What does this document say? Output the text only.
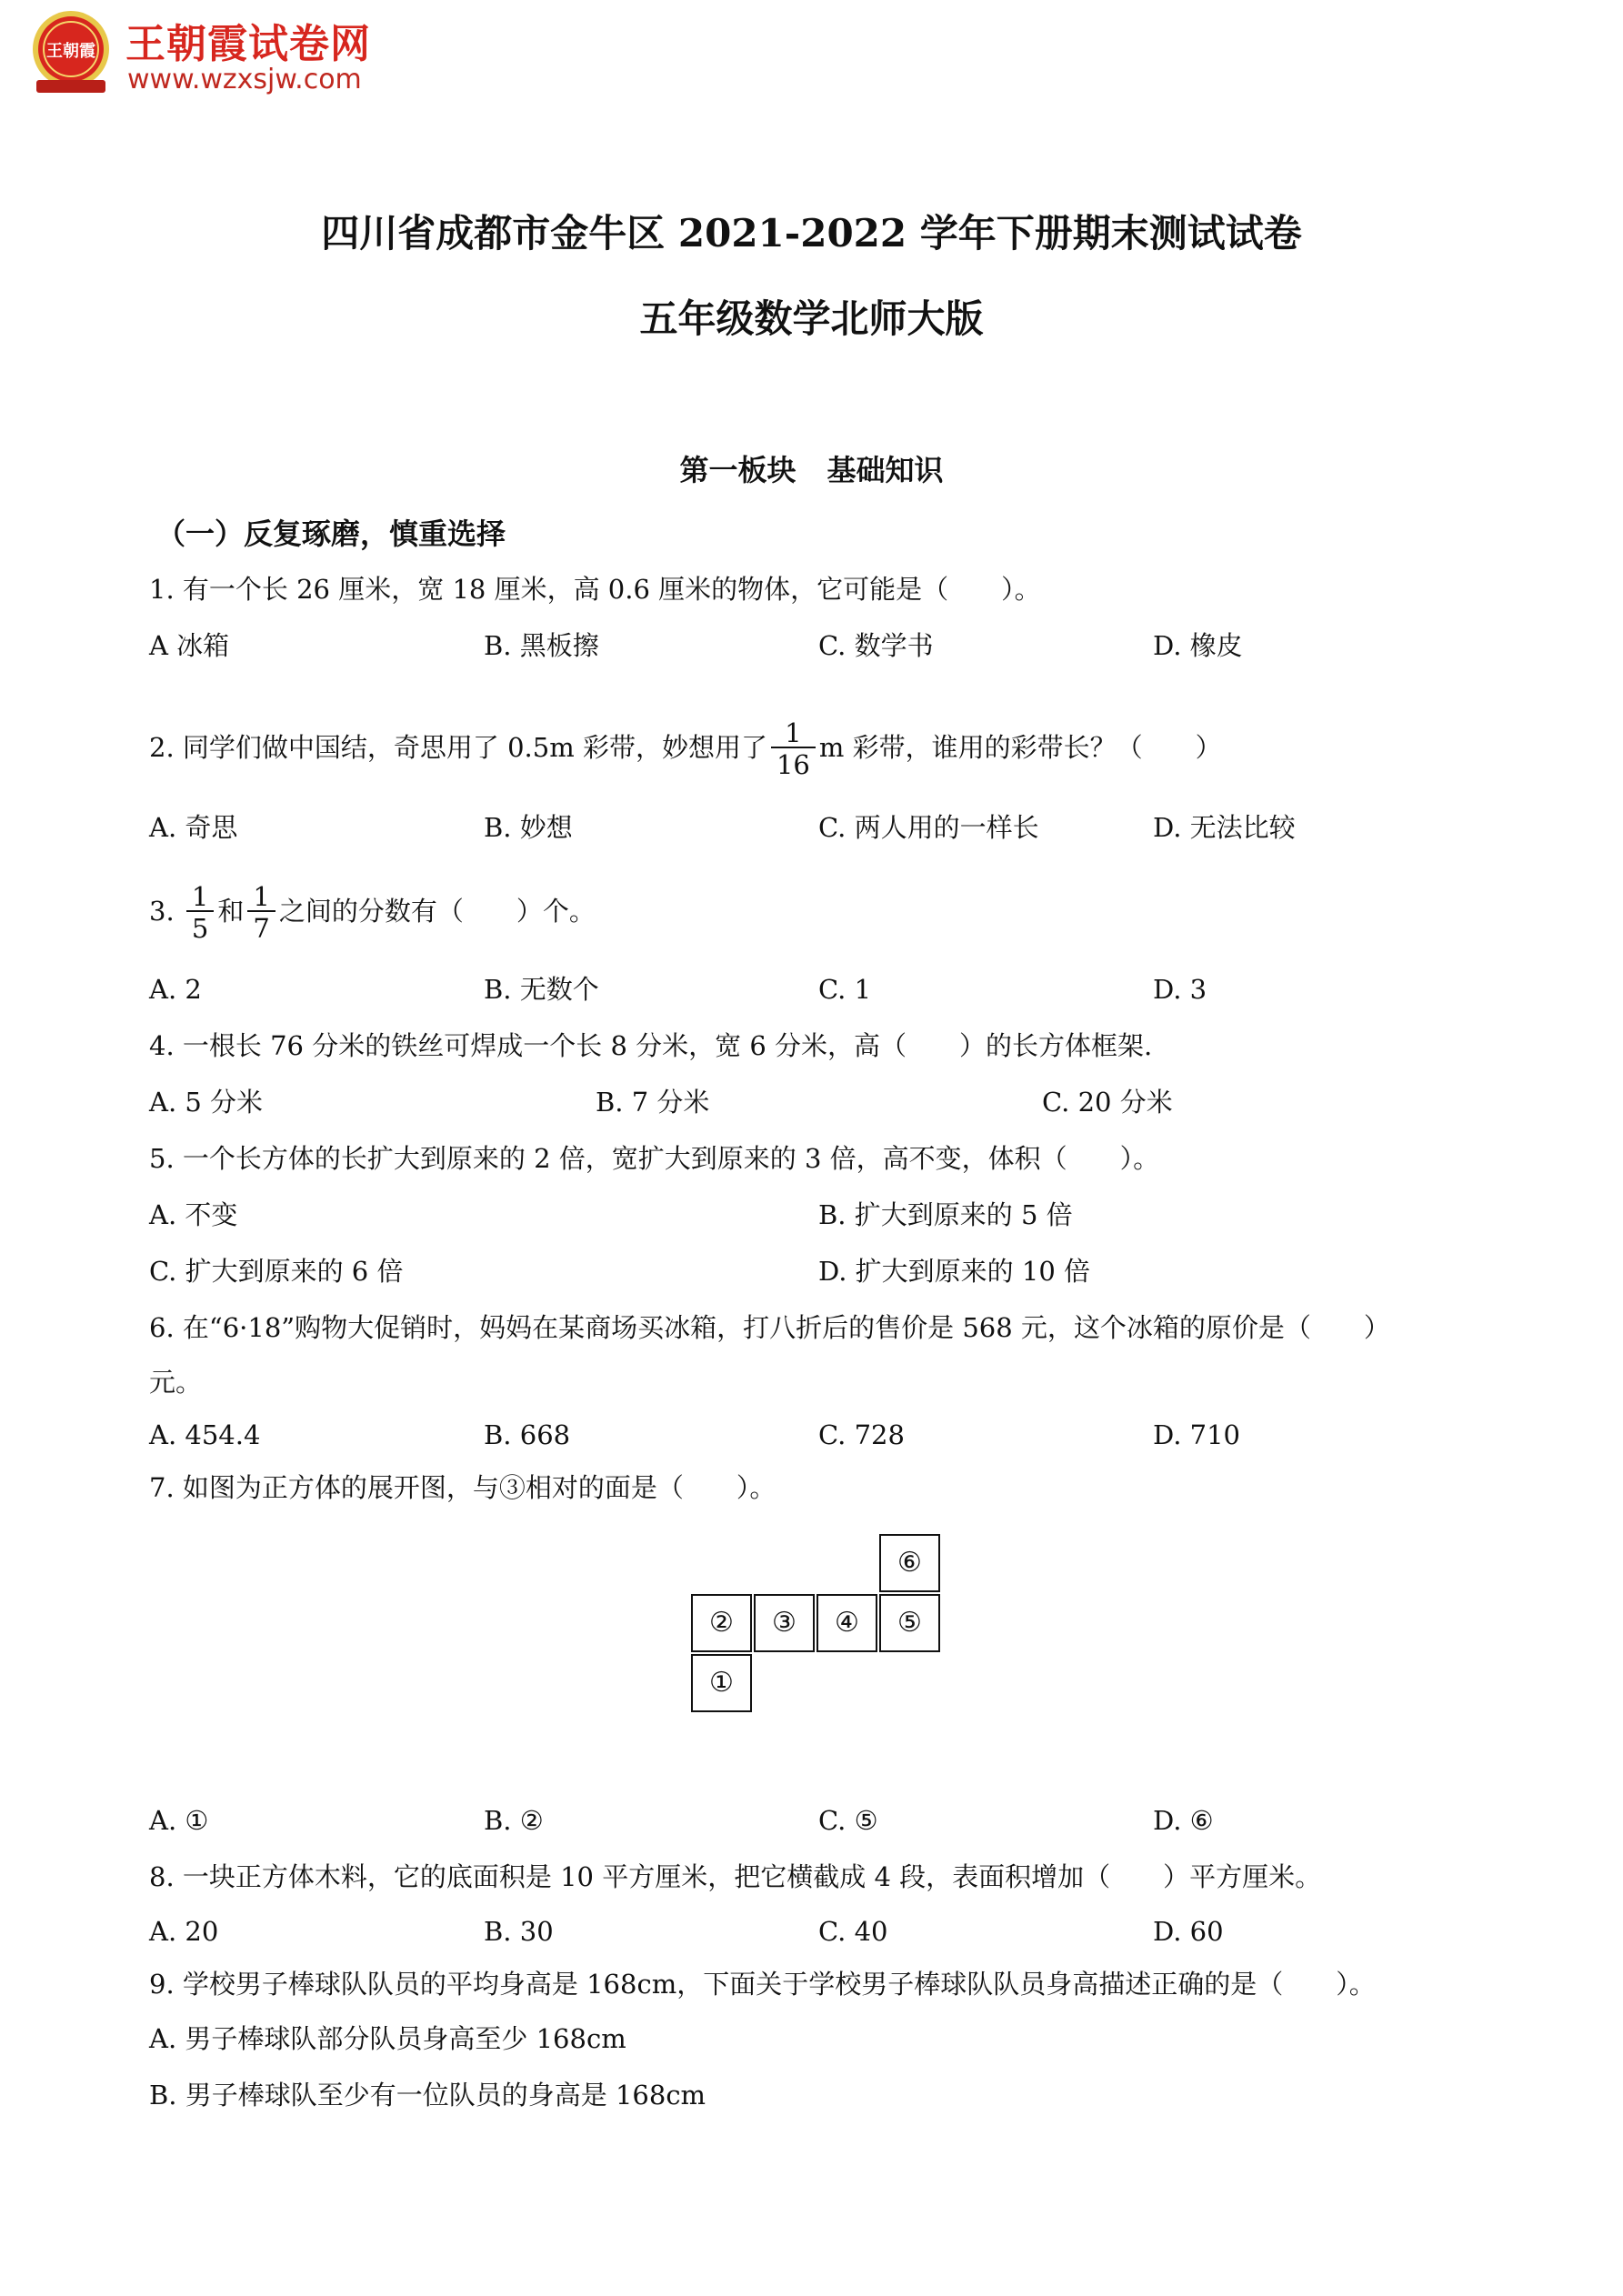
王朝霞 王朝霞试卷网
www.wzxsjw.com
四川省成都市金牛区 2021-2022 学年下册期末测试试卷
五年级数学北师大版
第一板块 基础知识
（一）反复琢磨，慎重选择
1. 有一个长 26 厘米，宽 18 厘米，高 0.6 厘米的物体，它可能是（　　）。
A 冰箱	B. 黑板擦	C. 数学书	D. 橡皮
2. 同学们做中国结，奇思用了 0.5m 彩带，妙想用了 $\frac{1}{16}$ m 彩带，谁用的彩带长？（　　）
A. 奇思	B. 妙想	C. 两人用的一样长	D. 无法比较
3. $\frac{1}{5}$ 和 $\frac{1}{7}$ 之间的分数有（　　）个。
A. 2	B. 无数个	C. 1	D. 3
4. 一根长 76 分米的铁丝可焊成一个长 8 分米，宽 6 分米，高（　　）的长方体框架.
A. 5 分米	B. 7 分米	C. 20 分米
5. 一个长方体的长扩大到原来的 2 倍，宽扩大到原来的 3 倍，高不变，体积（　　）。
A. 不变	B. 扩大到原来的 5 倍
C. 扩大到原来的 6 倍	D. 扩大到原来的 10 倍
6. 在“6·18”购物大促销时，妈妈在某商场买冰箱，打八折后的售价是 568 元，这个冰箱的原价是（　　）
元。
A. 454.4	B. 668	C. 728	D. 710
7. 如图为正方体的展开图，与③相对的面是（　　）。
⑥
②	③	④	⑤
①
A. ①	B. ②	C. ⑤	D. ⑥
8. 一块正方体木料，它的底面积是 10 平方厘米，把它横截成 4 段，表面积增加（　　）平方厘米。
A. 20	B. 30	C. 40	D. 60
9. 学校男子棒球队队员的平均身高是 168cm，下面关于学校男子棒球队队员身高描述正确的是（　　）。
A. 男子棒球队部分队员身高至少 168cm
B. 男子棒球队至少有一位队员的身高是 168cm
